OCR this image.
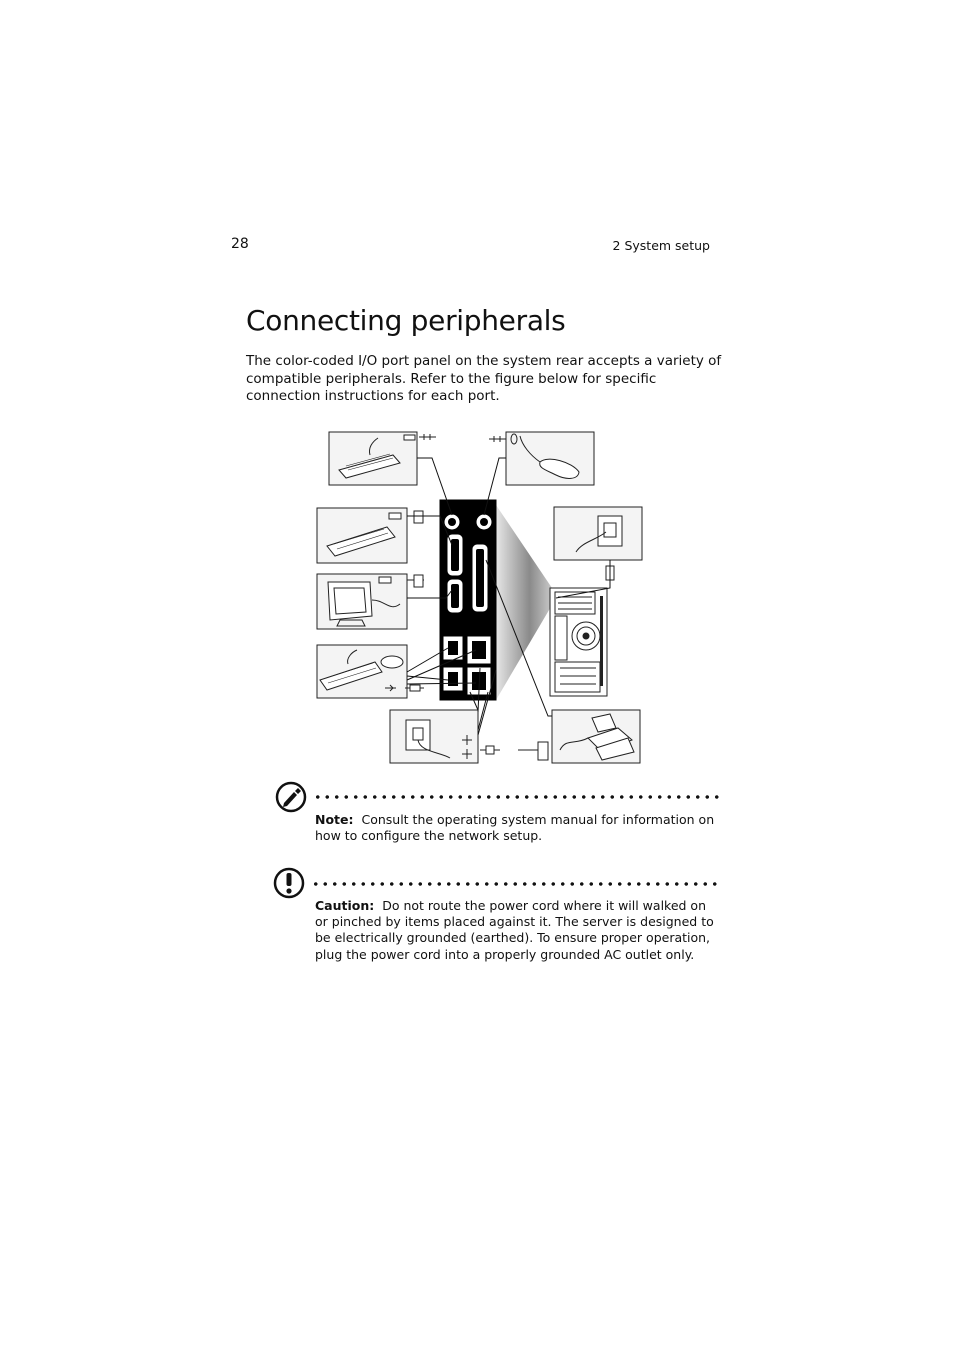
28	2 System setup
Connecting peripherals

The color-coded I/O port panel on the system rear accepts a variety of compatible peripherals. Refer to the figure below for specific connection instructions for each port.

Note: Consult the operating system manual for information on how to configure the network setup.

Caution: Do not route the power cord where it will walked on or pinched by items placed against it. The server is designed to be electrically grounded (earthed). To ensure proper operation, plug the power cord into a properly grounded AC outlet only.
